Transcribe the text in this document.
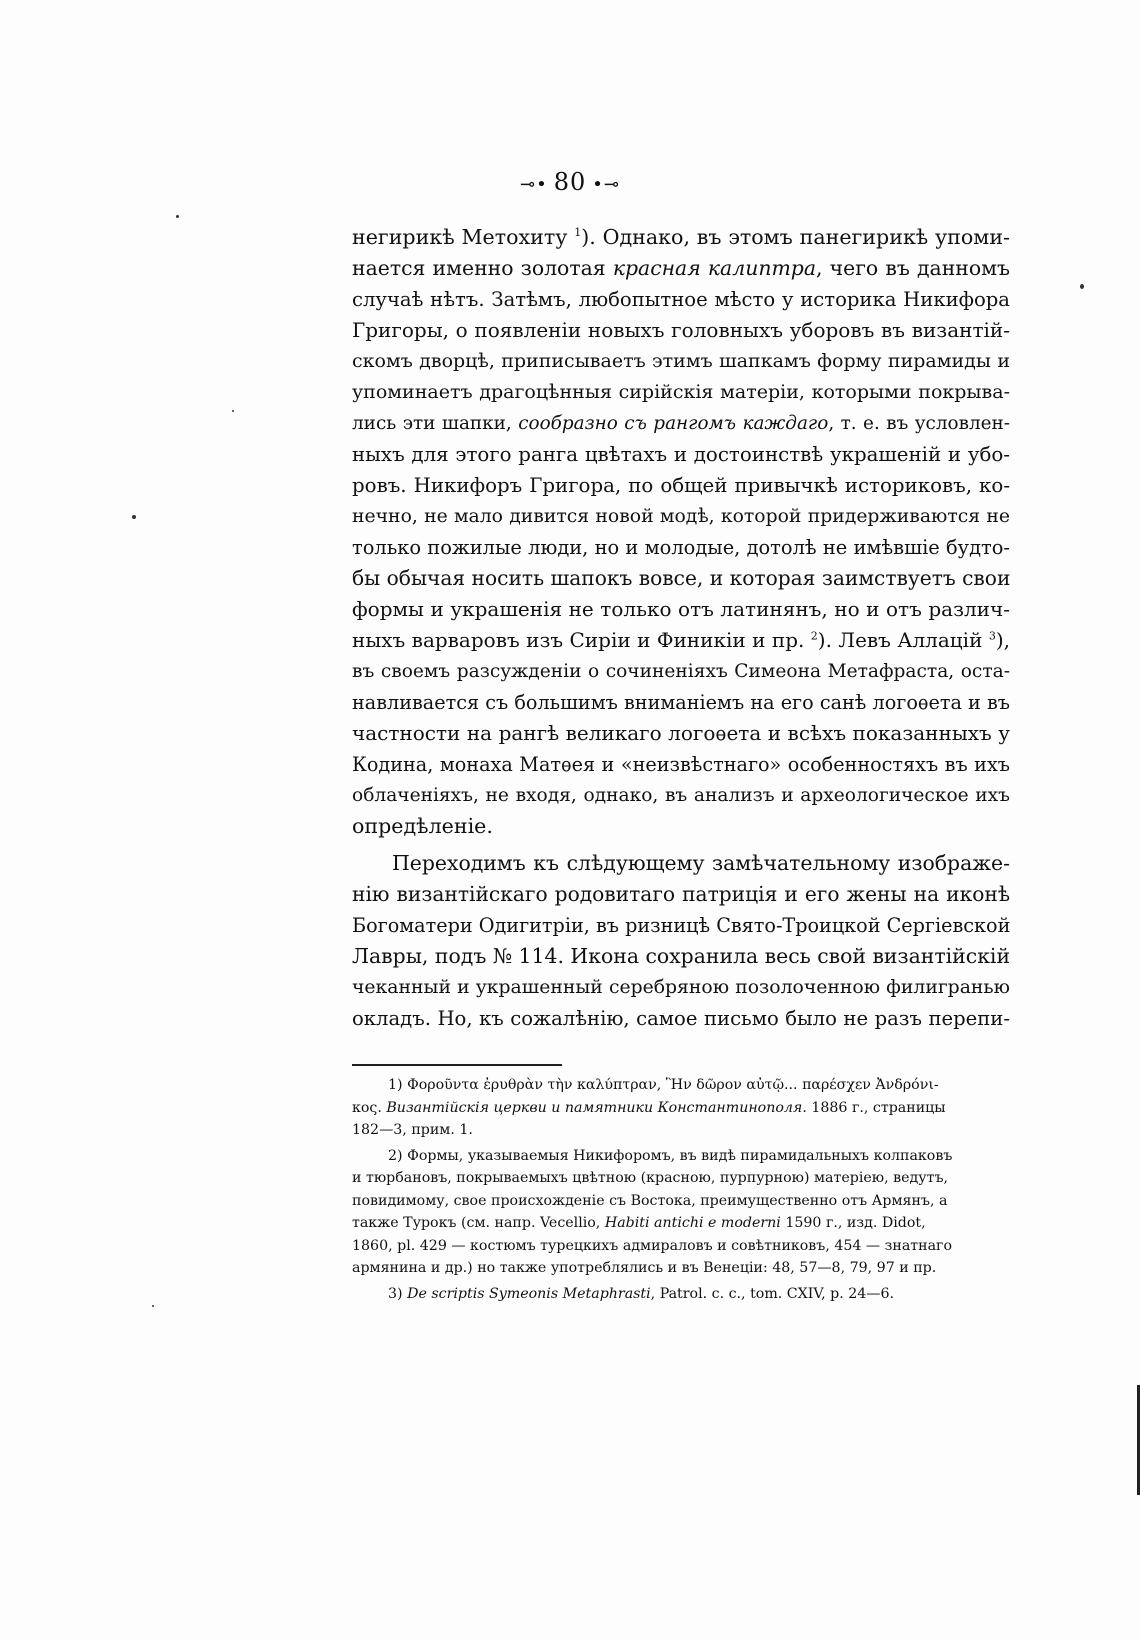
⊸• 80 •⊸
негирикѣ Метохиту $^1$). Однако, въ этомъ панегирикѣ упоми-
нается именно золотая красная калиптра, чего въ данномъ
случаѣ нѣтъ. Затѣмъ, любопытное мѣсто у историка Никифора
Григоры, о появленіи новыхъ головныхъ уборовъ въ византій-
скомъ дворцѣ, приписываетъ этимъ шапкамъ форму пирамиды и
упоминаетъ драгоцѣнныя сирійскія матеріи, которыми покрыва-
лись эти шапки, сообразно съ рангомъ каждаго, т. е. въ условлен-
ныхъ для этого ранга цвѣтахъ и достоинствѣ украшеній и убо-
ровъ. Никифоръ Григора, по общей привычкѣ историковъ, ко-
нечно, не мало дивится новой модѣ, которой придерживаются не
только пожилые люди, но и молодые, дотолѣ не имѣвшіе будто-
бы обычая носить шапокъ вовсе, и которая заимствуетъ свои
формы и украшенія не только отъ латинянъ, но и отъ различ-
ныхъ варваровъ изъ Сиріи и Финикіи и пр. $^2$). Левъ Аллацій $^3$),
въ своемъ разсужденіи о сочиненіяхъ Симеона Метафраста, оста-
навливается съ большимъ вниманіемъ на его санѣ логоѳета и въ
частности на рангѣ великаго логоѳета и всѣхъ показанныхъ у
Кодина, монаха Матѳея и «неизвѣстнаго» особенностяхъ въ ихъ
облаченіяхъ, не входя, однако, въ анализъ и археологическое ихъ
опредѣленіе.
Переходимъ къ слѣдующему замѣчательному изображе-
нію византійскаго родовитаго патриція и его жены на иконѣ
Богоматери Одигитріи, въ ризницѣ Свято-Троицкой Сергіевской
Лавры, подъ № 114. Икона сохранила весь свой византійскій
чеканный и украшенный серебряною позолоченною филигранью
окладъ. Но, къ сожалѣнію, самое письмо было не разъ перепи-
1) Φοροῦντα ἐρυθρὰν τὴν καλύπτραν, Ἣν δῶρον αὐτῷ... παρέσχεν Ἀνδρόνι-
κος. Византійскія церкви и памятники Константинополя. 1886 г., страницы
182—3, прим. 1.
2) Формы, указываемыя Никифоромъ, въ видѣ пирамидальныхъ колпаковъ
и тюрбановъ, покрываемыхъ цвѣтною (красною, пурпурною) матеріею, ведутъ,
повидимому, свое происхожденіе съ Востока, преимущественно отъ Армянъ, а
также Турокъ (см. напр. Vecellio, Habiti antichi e moderni 1590 г., изд. Didot,
1860, pl. 429 — костюмъ турецкихъ адмираловъ и совѣтниковъ, 454 — знатнаго
армянина и др.) но также употреблялись и въ Венеціи: 48, 57—8, 79, 97 и пр.
3) De scriptis Symeonis Metaphrasti, Patrol. c. c., tom. CXIV, p. 24—6.
